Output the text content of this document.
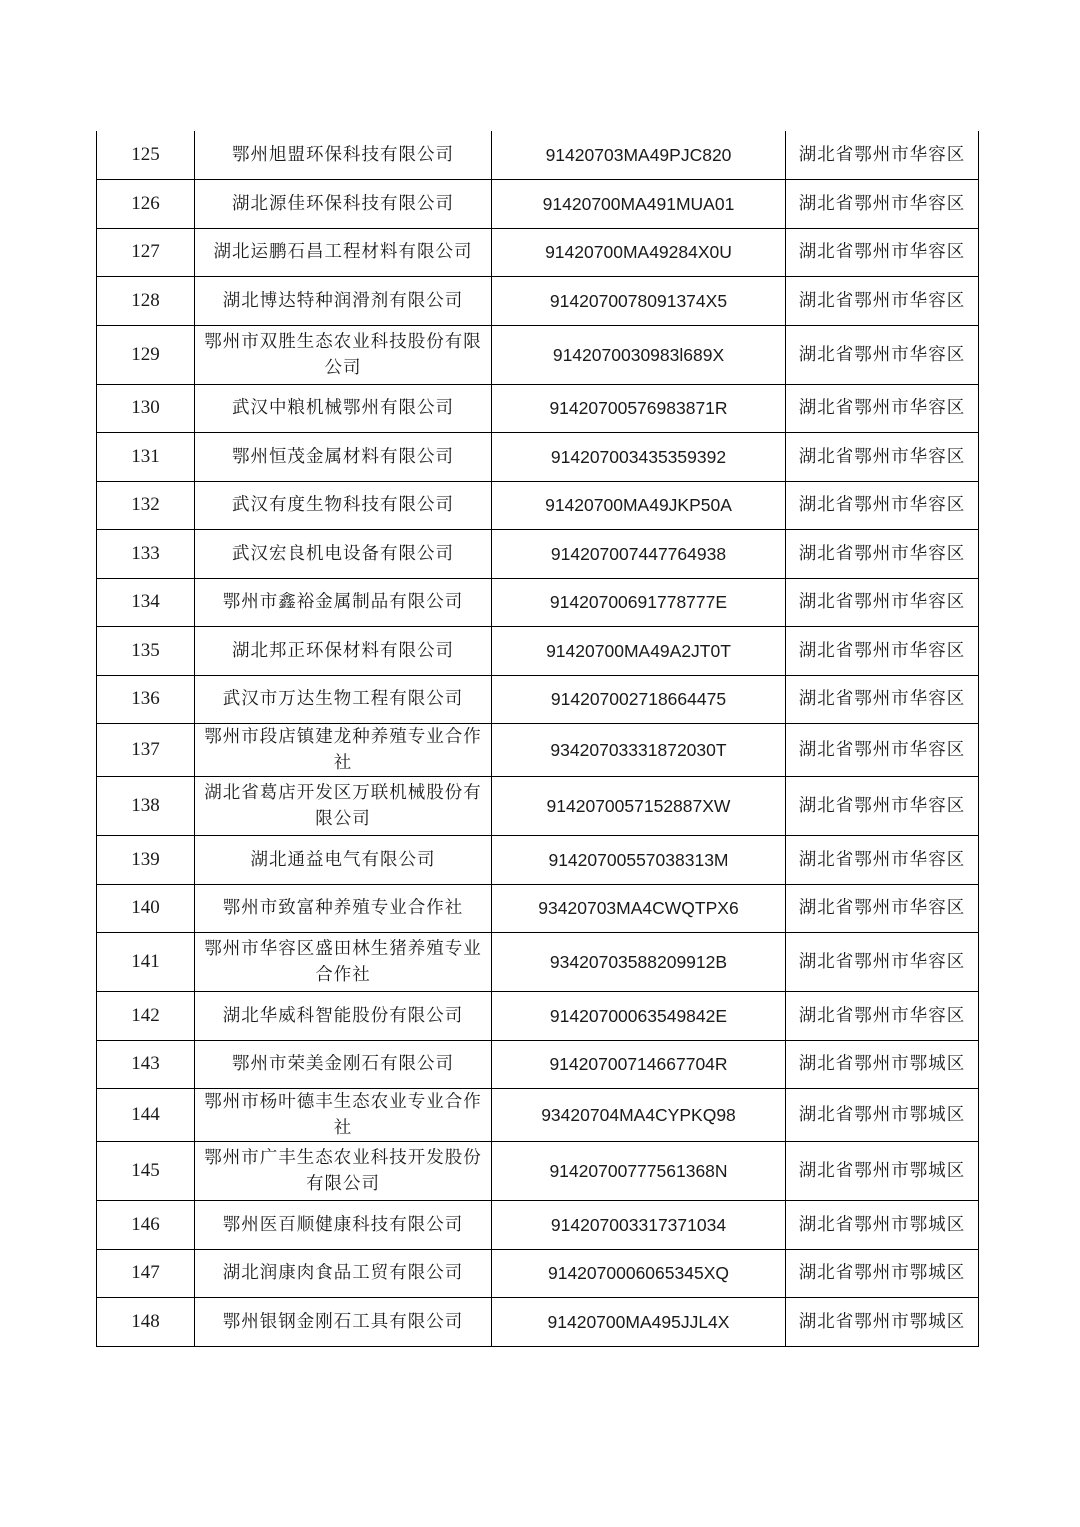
125	鄂州旭盟环保科技有限公司	91420703MA49PJC820	湖北省鄂州市华容区
126	湖北源佳环保科技有限公司	91420700MA491MUA01	湖北省鄂州市华容区
127	湖北运鹏石昌工程材料有限公司	91420700MA49284X0U	湖北省鄂州市华容区
128	湖北博达特种润滑剂有限公司	9142070078091374X5	湖北省鄂州市华容区
129	鄂州市双胜生态农业科技股份有限公司	9142070030983l689X	湖北省鄂州市华容区
130	武汉中粮机械鄂州有限公司	91420700576983871R	湖北省鄂州市华容区
131	鄂州恒茂金属材料有限公司	914207003435359392	湖北省鄂州市华容区
132	武汉有度生物科技有限公司	91420700MA49JKP50A	湖北省鄂州市华容区
133	武汉宏良机电设备有限公司	914207007447764938	湖北省鄂州市华容区
134	鄂州市鑫裕金属制品有限公司	91420700691778777E	湖北省鄂州市华容区
135	湖北邦正环保材料有限公司	91420700MA49A2JT0T	湖北省鄂州市华容区
136	武汉市万达生物工程有限公司	914207002718664475	湖北省鄂州市华容区
137	鄂州市段店镇建龙种养殖专业合作社	93420703331872030T	湖北省鄂州市华容区
138	湖北省葛店开发区万联机械股份有限公司	9142070057152887XW	湖北省鄂州市华容区
139	湖北通益电气有限公司	91420700557038313M	湖北省鄂州市华容区
140	鄂州市致富种养殖专业合作社	93420703MA4CWQTPX6	湖北省鄂州市华容区
141	鄂州市华容区盛田林生猪养殖专业合作社	93420703588209912B	湖北省鄂州市华容区
142	湖北华威科智能股份有限公司	91420700063549842E	湖北省鄂州市华容区
143	鄂州市荣美金刚石有限公司	91420700714667704R	湖北省鄂州市鄂城区
144	鄂州市杨叶德丰生态农业专业合作社	93420704MA4CYPKQ98	湖北省鄂州市鄂城区
145	鄂州市广丰生态农业科技开发股份有限公司	91420700777561368N	湖北省鄂州市鄂城区
146	鄂州医百顺健康科技有限公司	914207003317371034	湖北省鄂州市鄂城区
147	湖北润康肉食品工贸有限公司	9142070006065345XQ	湖北省鄂州市鄂城区
148	鄂州银钢金刚石工具有限公司	91420700MA495JJL4X	湖北省鄂州市鄂城区
